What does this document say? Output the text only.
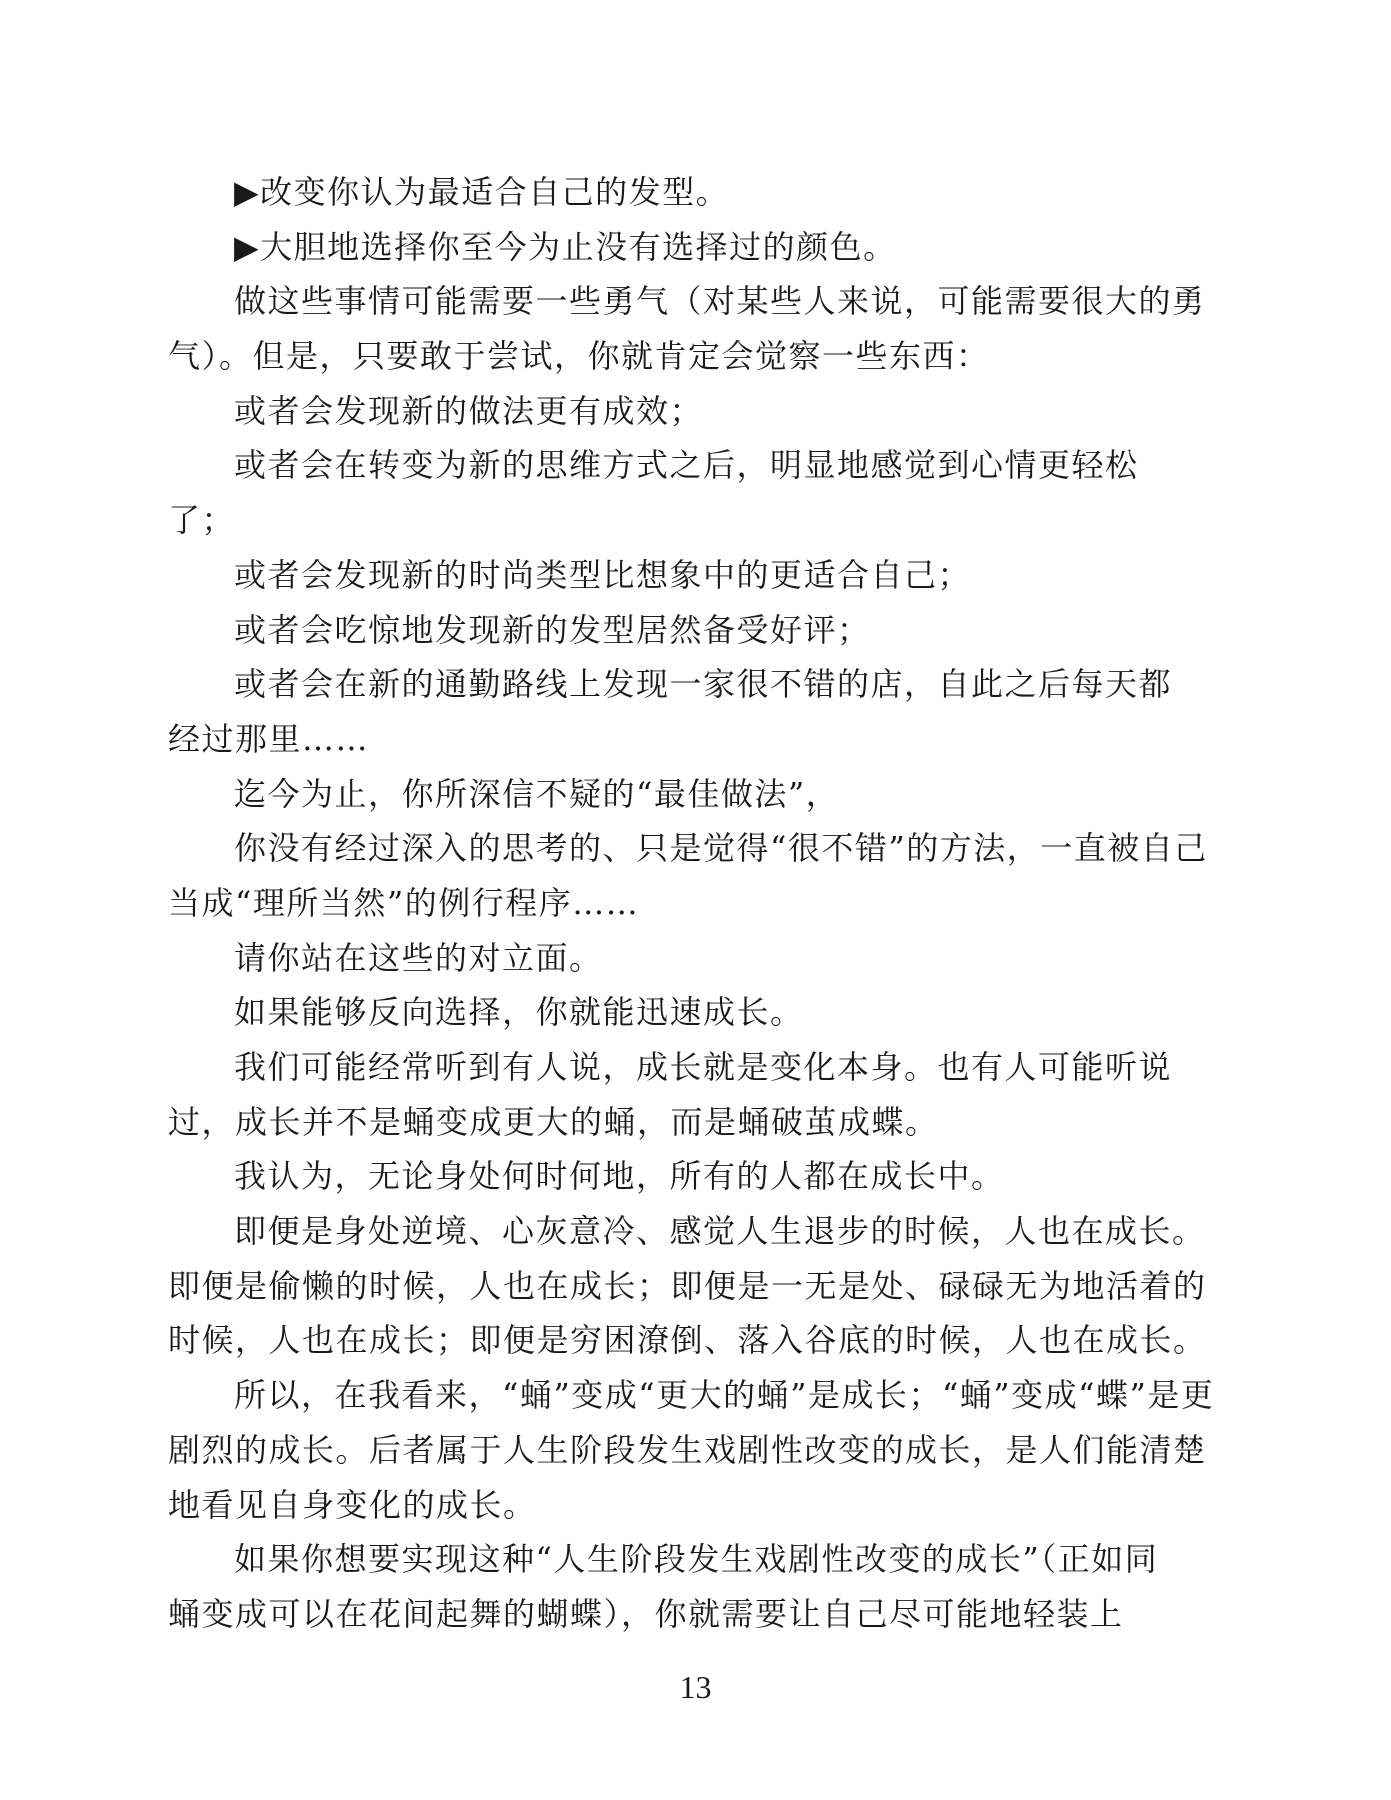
▶改变你认为最适合自己的发型。
▶大胆地选择你至今为止没有选择过的颜色。
做这些事情可能需要一些勇气（对某些人来说，可能需要很大的勇
气）。但是，只要敢于尝试，你就肯定会觉察一些东西：
或者会发现新的做法更有成效；
或者会在转变为新的思维方式之后，明显地感觉到心情更轻松
了；
或者会发现新的时尚类型比想象中的更适合自己；
或者会吃惊地发现新的发型居然备受好评；
或者会在新的通勤路线上发现一家很不错的店，自此之后每天都
经过那里……
迄今为止，你所深信不疑的“最佳做法”，
你没有经过深入的思考的、只是觉得“很不错”的方法，一直被自己
当成“理所当然”的例行程序……
请你站在这些的对立面。
如果能够反向选择，你就能迅速成长。
我们可能经常听到有人说，成长就是变化本身。也有人可能听说
过，成长并不是蛹变成更大的蛹，而是蛹破茧成蝶。
我认为，无论身处何时何地，所有的人都在成长中。
即便是身处逆境、心灰意冷、感觉人生退步的时候，人也在成长。
即便是偷懒的时候，人也在成长；即便是一无是处、碌碌无为地活着的
时候，人也在成长；即便是穷困潦倒、落入谷底的时候，人也在成长。
所以，在我看来，“蛹”变成“更大的蛹”是成长；“蛹”变成“蝶”是更
剧烈的成长。后者属于人生阶段发生戏剧性改变的成长，是人们能清楚
地看见自身变化的成长。
如果你想要实现这种“人生阶段发生戏剧性改变的成长”（正如同
蛹变成可以在花间起舞的蝴蝶），你就需要让自己尽可能地轻装上
13
